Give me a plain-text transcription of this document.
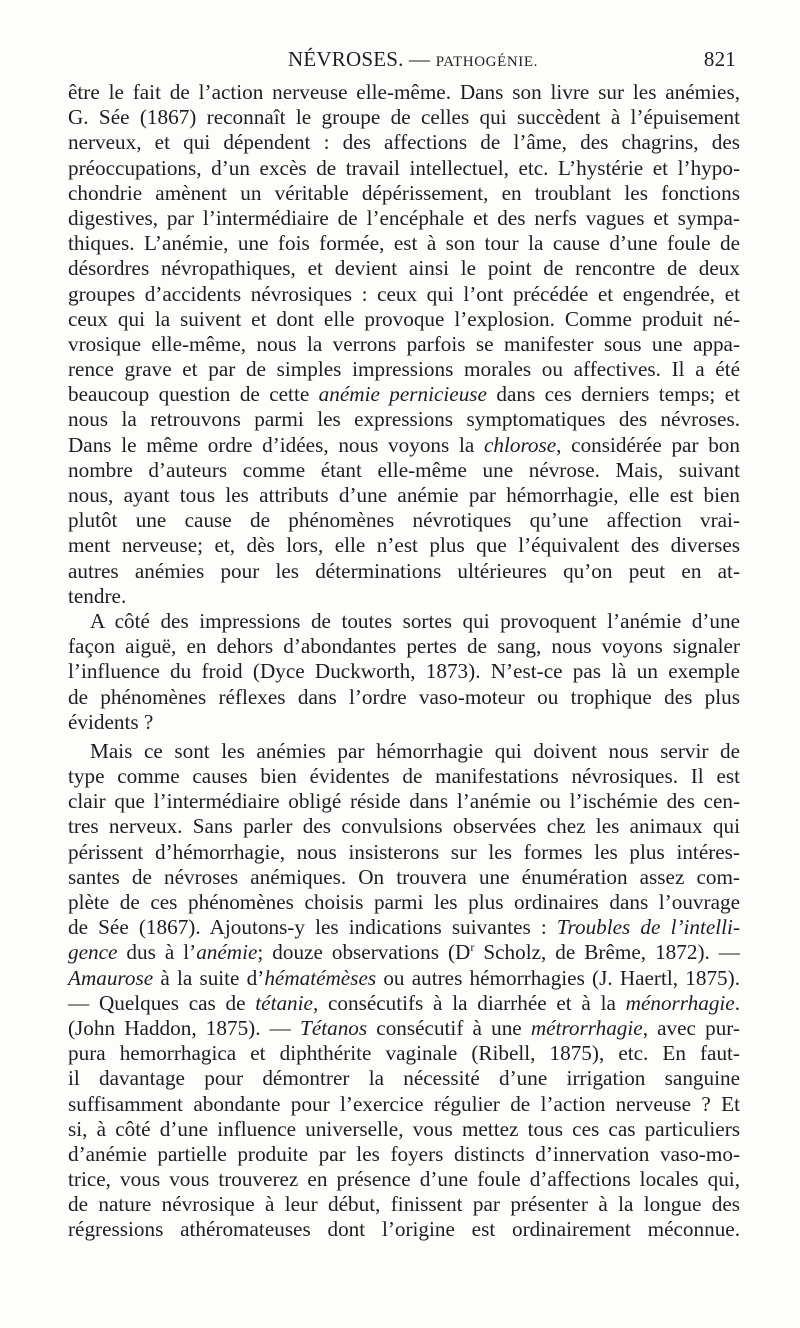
NÉVROSES. — PATHOGÉNIE.	821
être le fait de l’action nerveuse elle-même. Dans son livre sur les anémies,
G. Sée (1867) reconnaît le groupe de celles qui succèdent à l’épuisement
nerveux, et qui dépendent : des affections de l’âme, des chagrins, des
préoccupations, d’un excès de travail intellectuel, etc. L’hystérie et l’hypo-
chondrie amènent un véritable dépérissement, en troublant les fonctions
digestives, par l’intermédiaire de l’encéphale et des nerfs vagues et sympa-
thiques. L’anémie, une fois formée, est à son tour la cause d’une foule de
désordres névropathiques, et devient ainsi le point de rencontre de deux
groupes d’accidents névrosiques : ceux qui l’ont précédée et engendrée, et
ceux qui la suivent et dont elle provoque l’explosion. Comme produit né-
vrosique elle-même, nous la verrons parfois se manifester sous une appa-
rence grave et par de simples impressions morales ou affectives. Il a été
beaucoup question de cette anémie pernicieuse dans ces derniers temps; et
nous la retrouvons parmi les expressions symptomatiques des névroses.
Dans le même ordre d’idées, nous voyons la chlorose, considérée par bon
nombre d’auteurs comme étant elle-même une névrose. Mais, suivant
nous, ayant tous les attributs d’une anémie par hémorrhagie, elle est bien
plutôt une cause de phénomènes névrotiques qu’une affection vrai-
ment nerveuse; et, dès lors, elle n’est plus que l’équivalent des diverses
autres anémies pour les déterminations ultérieures qu’on peut en at-
tendre.
A côté des impressions de toutes sortes qui provoquent l’anémie d’une
façon aiguë, en dehors d’abondantes pertes de sang, nous voyons signaler
l’influence du froid (Dyce Duckworth, 1873). N’est-ce pas là un exemple
de phénomènes réflexes dans l’ordre vaso-moteur ou trophique des plus
évidents ?
Mais ce sont les anémies par hémorrhagie qui doivent nous servir de
type comme causes bien évidentes de manifestations névrosiques. Il est
clair que l’intermédiaire obligé réside dans l’anémie ou l’ischémie des cen-
tres nerveux. Sans parler des convulsions observées chez les animaux qui
périssent d’hémorrhagie, nous insisterons sur les formes les plus intéres-
santes de névroses anémiques. On trouvera une énumération assez com-
plète de ces phénomènes choisis parmi les plus ordinaires dans l’ouvrage
de Sée (1867). Ajoutons-y les indications suivantes : Troubles de l’intelli-
gence dus à l’anémie; douze observations ($D^r$ Scholz, de Brême, 1872). —
Amaurose à la suite d’hématémèses ou autres hémorrhagies (J. Haertl, 1875).
— Quelques cas de tétanie, consécutifs à la diarrhée et à la ménorrhagie.
(John Haddon, 1875). — Tétanos consécutif à une métrorrhagie, avec pur-
pura hemorrhagica et diphthérite vaginale (Ribell, 1875), etc. En faut-
il davantage pour démontrer la nécessité d’une irrigation sanguine
suffisamment abondante pour l’exercice régulier de l’action nerveuse ? Et
si, à côté d’une influence universelle, vous mettez tous ces cas particuliers
d’anémie partielle produite par les foyers distincts d’innervation vaso-mo-
trice, vous vous trouverez en présence d’une foule d’affections locales qui,
de nature névrosique à leur début, finissent par présenter à la longue des
régressions athéromateuses dont l’origine est ordinairement méconnue.
